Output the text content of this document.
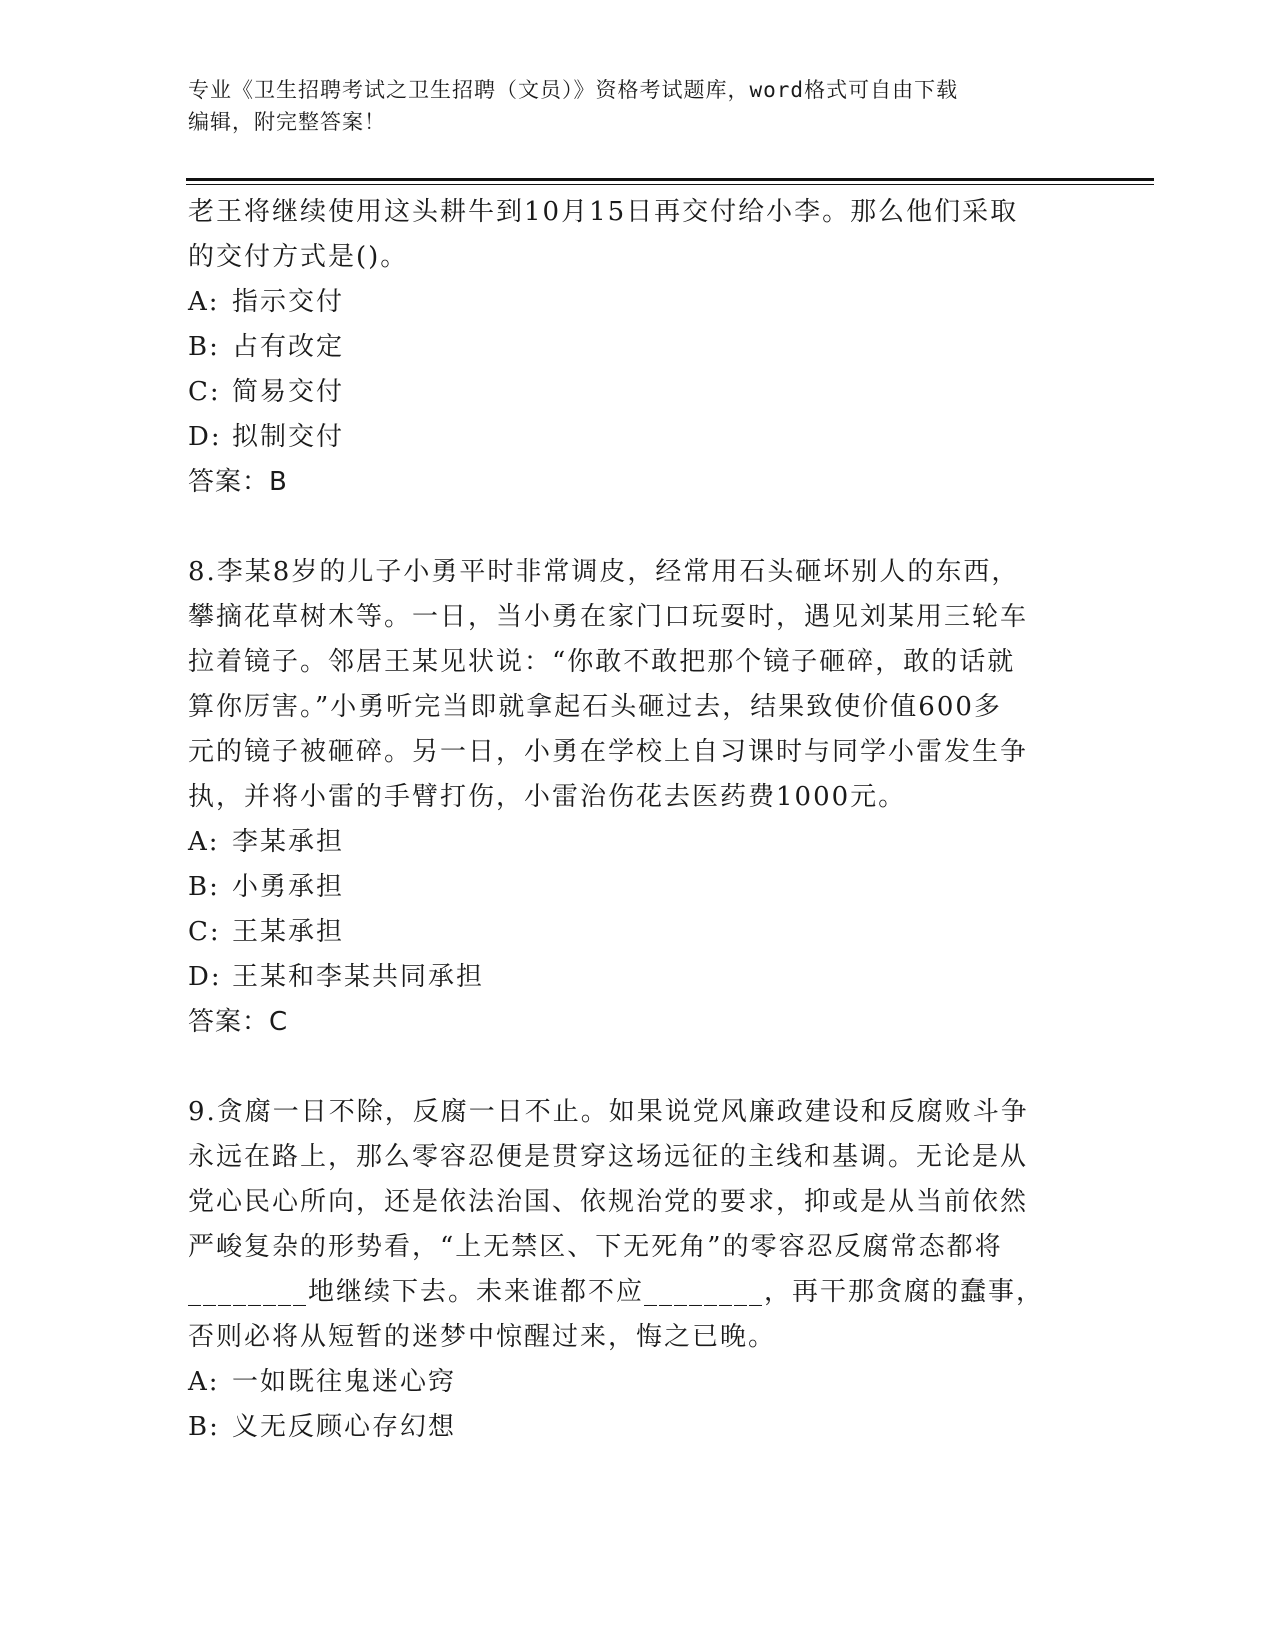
专业《卫生招聘考试之卫生招聘（文员）》资格考试题库，word格式可自由下载
编辑，附完整答案！
老王将继续使用这头耕牛到10月15日再交付给小李。那么他们采取
的交付方式是()。
A: 指示交付
B: 占有改定
C: 简易交付
D: 拟制交付
答案：B
8.李某8岁的儿子小勇平时非常调皮，经常用石头砸坏别人的东西，
攀摘花草树木等。一日，当小勇在家门口玩耍时，遇见刘某用三轮车
拉着镜子。邻居王某见状说：“你敢不敢把那个镜子砸碎，敢的话就
算你厉害。”小勇听完当即就拿起石头砸过去，结果致使价值600多
元的镜子被砸碎。另一日，小勇在学校上自习课时与同学小雷发生争
执，并将小雷的手臂打伤，小雷治伤花去医药费1000元。
A: 李某承担
B: 小勇承担
C: 王某承担
D: 王某和李某共同承担
答案：C
9.贪腐一日不除，反腐一日不止。如果说党风廉政建设和反腐败斗争
永远在路上，那么零容忍便是贯穿这场远征的主线和基调。无论是从
党心民心所向，还是依法治国、依规治党的要求，抑或是从当前依然
严峻复杂的形势看，“上无禁区、下无死角”的零容忍反腐常态都将
________地继续下去。未来谁都不应________，再干那贪腐的蠢事，
否则必将从短暂的迷梦中惊醒过来，悔之已晚。
A: 一如既往鬼迷心窍
B: 义无反顾心存幻想
